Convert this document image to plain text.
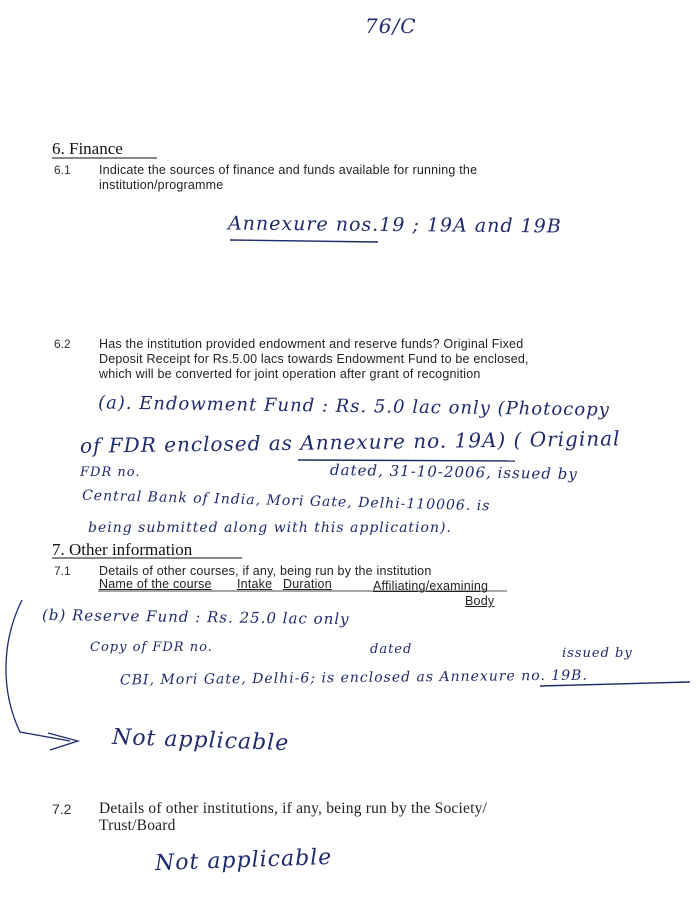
76/C
6. Finance
6.1 Indicate the sources of finance and funds available for running the
institution/programme
Annexure nos.19 ; 19A and 19B
6.2 Has the institution provided endowment and reserve funds? Original Fixed
Deposit Receipt for Rs.5.00 lacs towards Endowment Fund to be enclosed,
which will be converted for joint operation after grant of recognition
(a). Endowment Fund : Rs. 5.0 lac only (Photocopy
of FDR enclosed as Annexure no. 19A) ( Original
FDR no.	dated, 31-10-2006, issued by
Central Bank of India, Mori Gate, Delhi-110006. is
being submitted along with this application).
7. Other information
7.1 Details of other courses, if any, being run by the institution
Name of the course Intake Duration	Affiliating/examining
Body
(b) Reserve Fund : Rs. 25.0 lac only
Copy of FDR no.	dated	issued by
CBI, Mori Gate, Delhi-6; is enclosed as Annexure no. 19B.
Not applicable
7.2 Details of other institutions, if any, being run by the Society/
Trust/Board
Not applicable
